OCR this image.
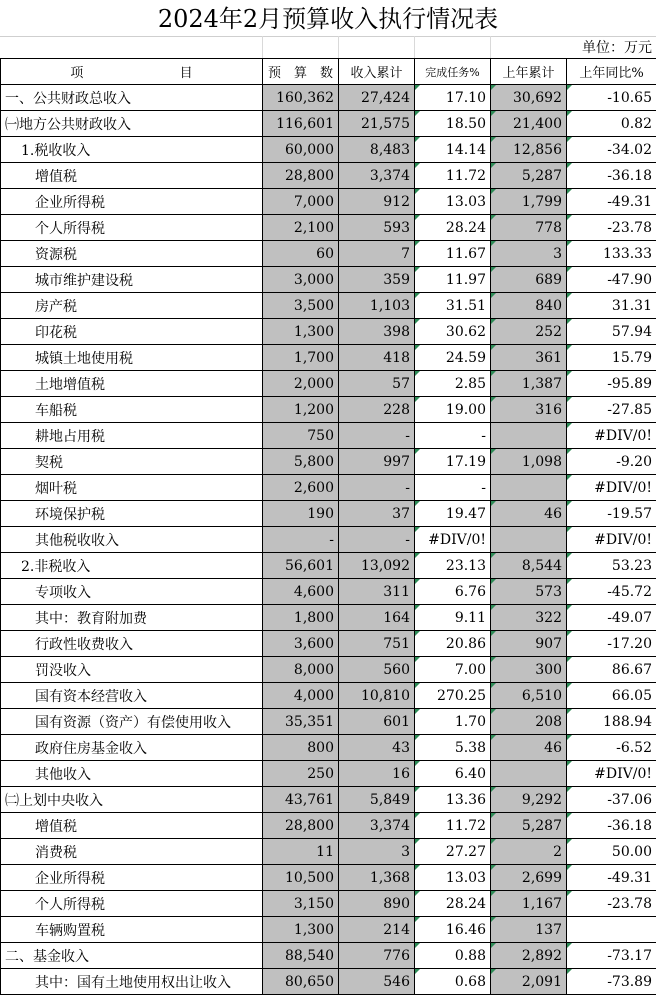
2024年2月预算收入执行情况表
单位：万元
项 目	预　算　数	收入累计	完成任务%	上年累计	上年同比%
一、公共财政总收入	160,362	27,424	17.10	30,692	-10.65
㈠地方公共财政收入	116,601	21,575	18.50	21,400	0.82
1.税收收入	60,000	8,483	14.14	12,856	-34.02
增值税	28,800	3,374	11.72	5,287	-36.18
企业所得税	7,000	912	13.03	1,799	-49.31
个人所得税	2,100	593	28.24	778	-23.78
资源税	60	7	11.67	3	133.33
城市维护建设税	3,000	359	11.97	689	-47.90
房产税	3,500	1,103	31.51	840	31.31
印花税	1,300	398	30.62	252	57.94
城镇土地使用税	1,700	418	24.59	361	15.79
土地增值税	2,000	57	2.85	1,387	-95.89
车船税	1,200	228	19.00	316	-27.85
耕地占用税	750	-	-		#DIV/0!
契税	5,800	997	17.19	1,098	-9.20
烟叶税	2,600	-	-		#DIV/0!
环境保护税	190	37	19.47	46	-19.57
其他税收收入	-	-	#DIV/0!		#DIV/0!
2.非税收入	56,601	13,092	23.13	8,544	53.23
专项收入	4,600	311	6.76	573	-45.72
其中：教育附加费	1,800	164	9.11	322	-49.07
行政性收费收入	3,600	751	20.86	907	-17.20
罚没收入	8,000	560	7.00	300	86.67
国有资本经营收入	4,000	10,810	270.25	6,510	66.05
国有资源（资产）有偿使用收入	35,351	601	1.70	208	188.94
政府住房基金收入	800	43	5.38	46	-6.52
其他收入	250	16	6.40		#DIV/0!
㈡上划中央收入	43,761	5,849	13.36	9,292	-37.06
增值税	28,800	3,374	11.72	5,287	-36.18
消费税	11	3	27.27	2	50.00
企业所得税	10,500	1,368	13.03	2,699	-49.31
个人所得税	3,150	890	28.24	1,167	-23.78
车辆购置税	1,300	214	16.46	137	
二、基金收入	88,540	776	0.88	2,892	-73.17
其中：国有土地使用权出让收入	80,650	546	0.68	2,091	-73.89
